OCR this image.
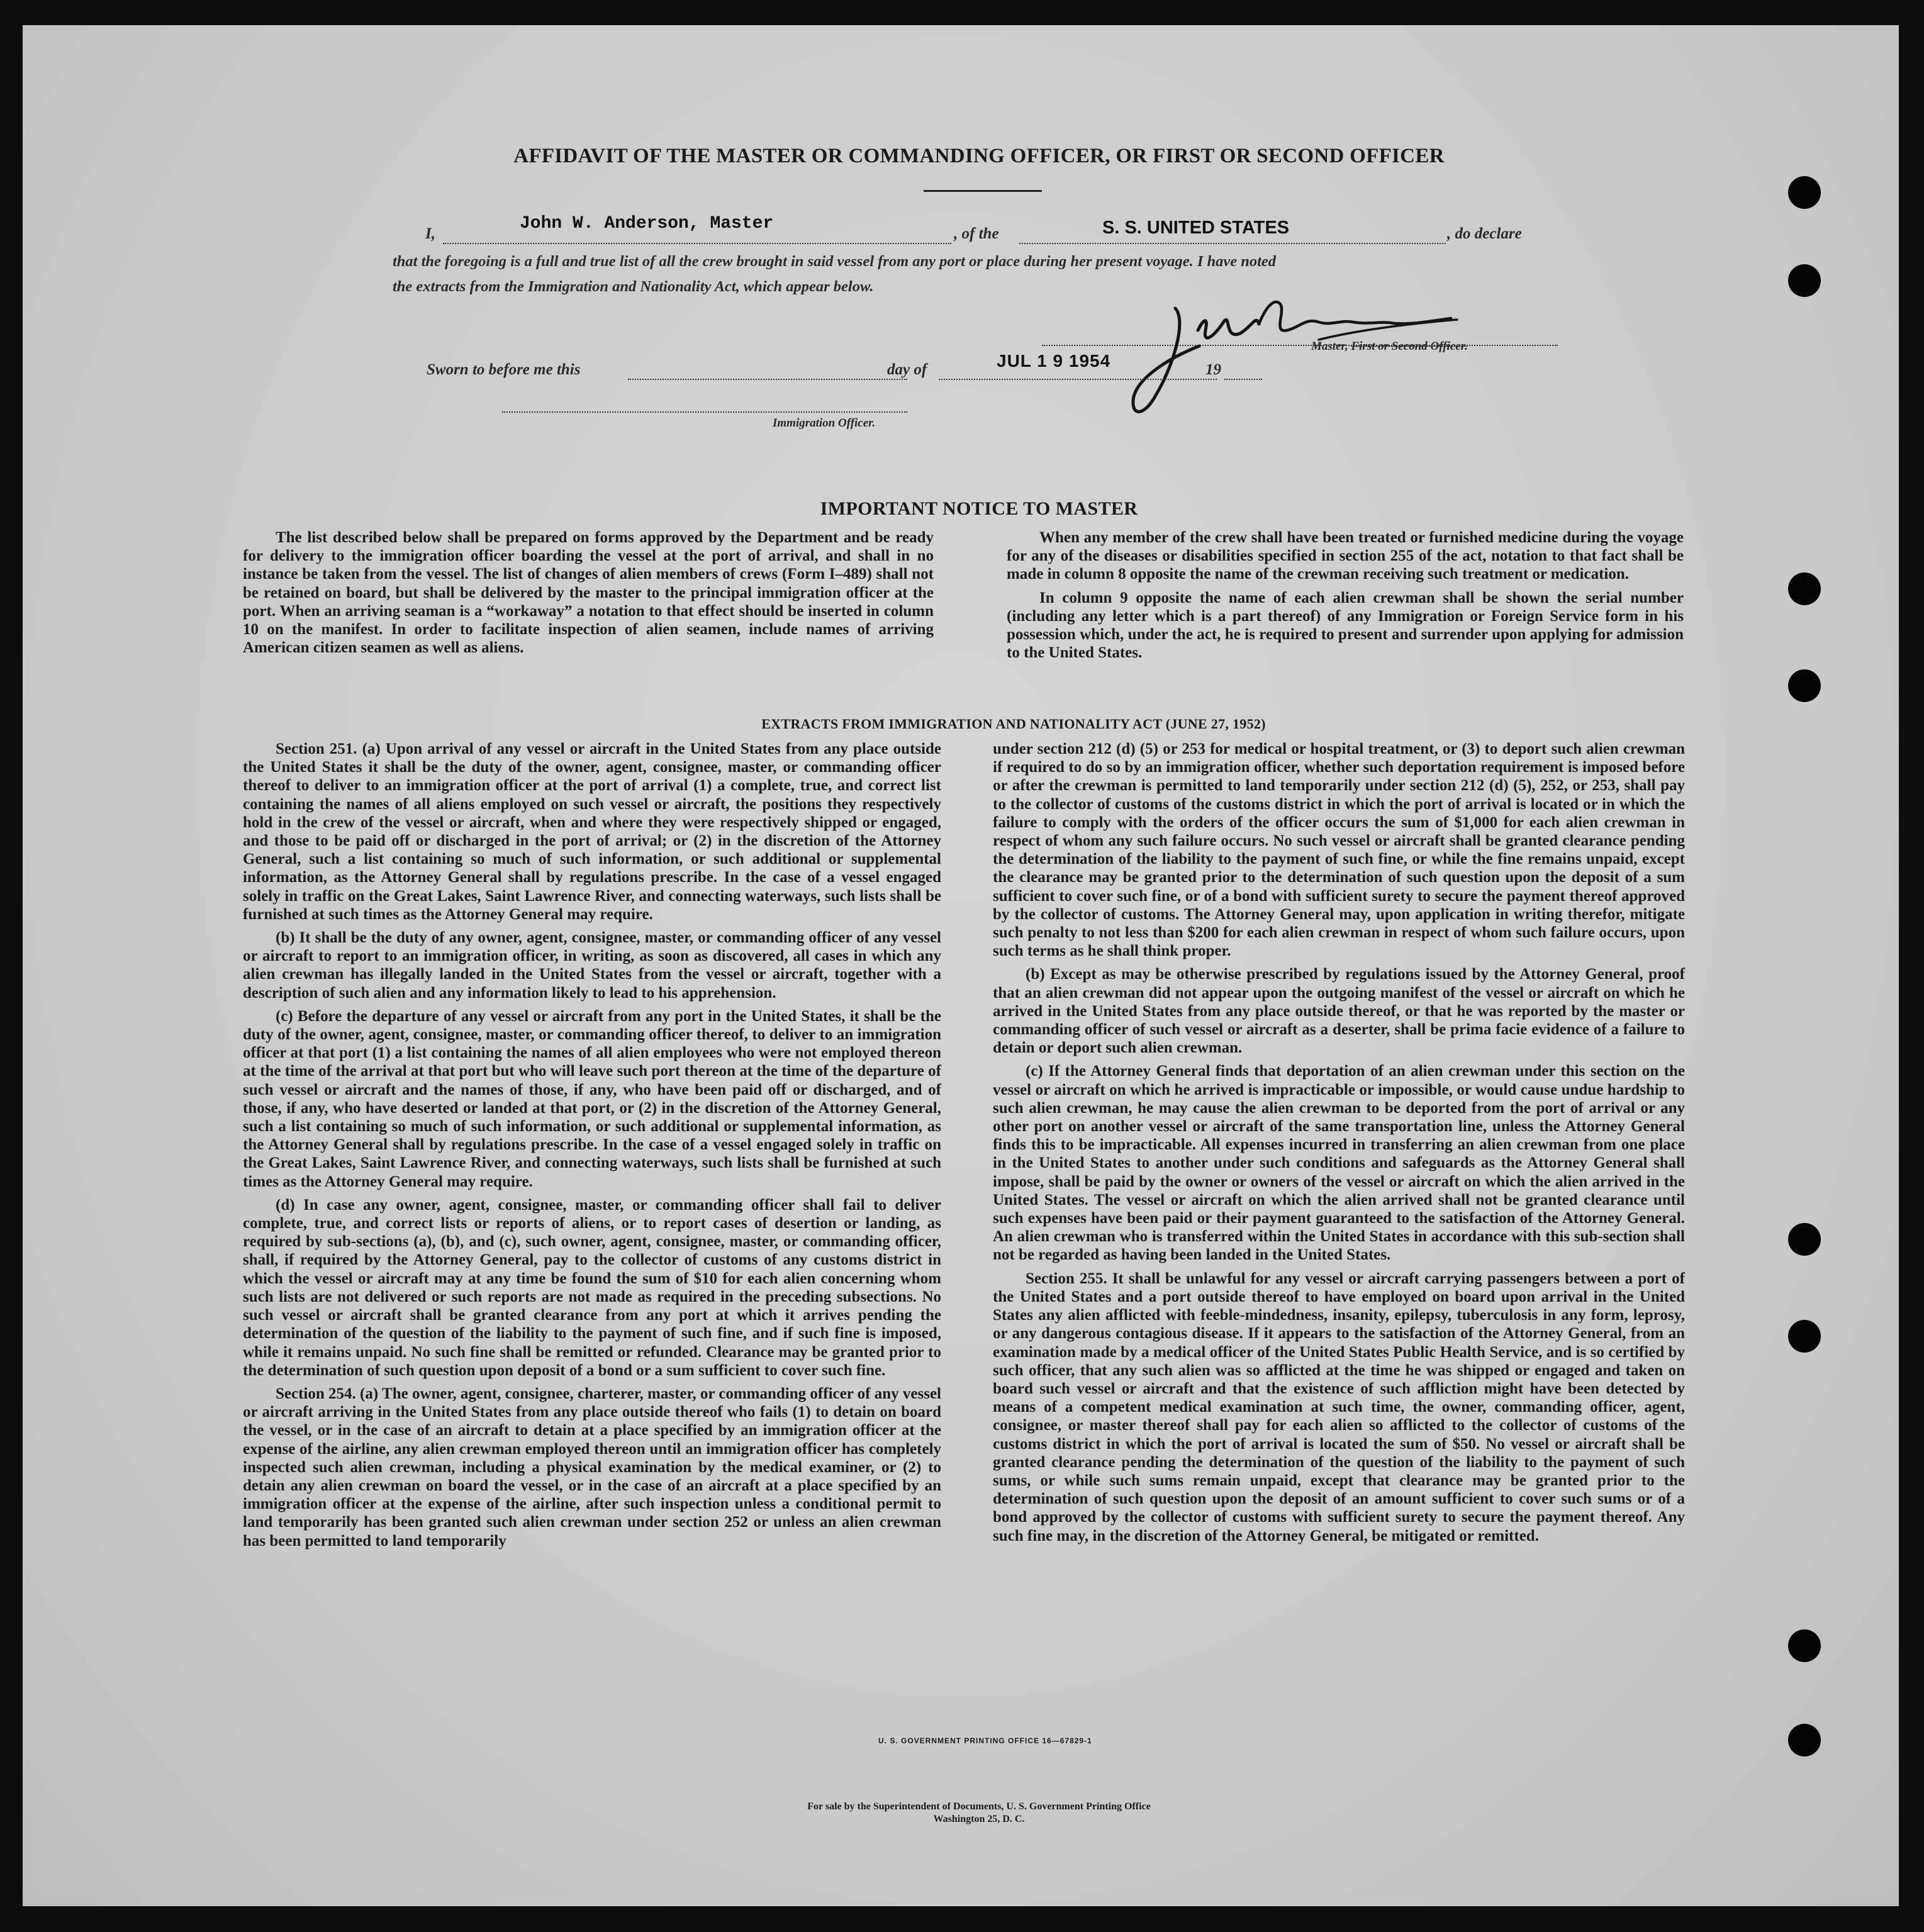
AFFIDAVIT OF THE MASTER OR COMMANDING OFFICER, OR FIRST OR SECOND OFFICER
I,
John W. Anderson, Master
, of the	S. S. UNITED STATES	, do declare
that the foregoing is a full and true list of all the crew brought in said vessel from any port or place during her present voyage. I have noted
the extracts from the Immigration and Nationality Act, which appear below.
Master, First or Second Officer.
Sworn to before me this	day of	JUL 1 9 1954	19
Immigration Officer.
IMPORTANT NOTICE TO MASTER

The list described below shall be prepared on forms approved by the Department and be ready for delivery to the immigration officer boarding the vessel at the port of arrival, and shall in no instance be taken from the vessel. The list of changes of alien members of crews (Form I–489) shall not be retained on board, but shall be delivered by the master to the principal immigration officer at the port. When an arriving seaman is a “workaway” a notation to that effect should be inserted in column 10 on the manifest. In order to facilitate inspection of alien seamen, include names of arriving American citizen seamen as well as aliens.

When any member of the crew shall have been treated or furnished medicine during the voyage for any of the diseases or disabilities specified in section 255 of the act, notation to that fact shall be made in column 8 opposite the name of the crewman receiving such treatment or medication.

In column 9 opposite the name of each alien crewman shall be shown the serial number (including any letter which is a part thereof) of any Immigration or Foreign Service form in his possession which, under the act, he is required to present and surrender upon applying for admission to the United States.

EXTRACTS FROM IMMIGRATION AND NATIONALITY ACT (JUNE 27, 1952)

Section 251. (a) Upon arrival of any vessel or aircraft in the United States from any place outside the United States it shall be the duty of the owner, agent, consignee, master, or commanding officer thereof to deliver to an immigration officer at the port of arrival (1) a complete, true, and correct list containing the names of all aliens employed on such vessel or aircraft, the positions they respectively hold in the crew of the vessel or aircraft, when and where they were respectively shipped or engaged, and those to be paid off or discharged in the port of arrival; or (2) in the discretion of the Attorney General, such a list containing so much of such information, or such additional or supplemental information, as the Attorney General shall by regulations prescribe. In the case of a vessel engaged solely in traffic on the Great Lakes, Saint Lawrence River, and connecting waterways, such lists shall be furnished at such times as the Attorney General may require.

(b) It shall be the duty of any owner, agent, consignee, master, or commanding officer of any vessel or aircraft to report to an immigration officer, in writing, as soon as discovered, all cases in which any alien crewman has illegally landed in the United States from the vessel or aircraft, together with a description of such alien and any information likely to lead to his apprehension.

(c) Before the departure of any vessel or aircraft from any port in the United States, it shall be the duty of the owner, agent, consignee, master, or commanding officer thereof, to deliver to an immigration officer at that port (1) a list containing the names of all alien employees who were not employed thereon at the time of the arrival at that port but who will leave such port thereon at the time of the departure of such vessel or aircraft and the names of those, if any, who have been paid off or discharged, and of those, if any, who have deserted or landed at that port, or (2) in the discretion of the Attorney General, such a list containing so much of such information, or such additional or supplemental information, as the Attorney General shall by regulations prescribe. In the case of a vessel engaged solely in traffic on the Great Lakes, Saint Lawrence River, and connecting waterways, such lists shall be furnished at such times as the Attorney General may require.

(d) In case any owner, agent, consignee, master, or commanding officer shall fail to deliver complete, true, and correct lists or reports of aliens, or to report cases of desertion or landing, as required by sub-sections (a), (b), and (c), such owner, agent, consignee, master, or commanding officer, shall, if required by the Attorney General, pay to the collector of customs of any customs district in which the vessel or aircraft may at any time be found the sum of $10 for each alien concerning whom such lists are not delivered or such reports are not made as required in the preceding subsections. No such vessel or aircraft shall be granted clearance from any port at which it arrives pending the determination of the question of the liability to the payment of such fine, and if such fine is imposed, while it remains unpaid. No such fine shall be remitted or refunded. Clearance may be granted prior to the determination of such question upon deposit of a bond or a sum sufficient to cover such fine.

Section 254. (a) The owner, agent, consignee, charterer, master, or commanding officer of any vessel or aircraft arriving in the United States from any place outside thereof who fails (1) to detain on board the vessel, or in the case of an aircraft to detain at a place specified by an immigration officer at the expense of the airline, any alien crewman employed thereon until an immigration officer has completely inspected such alien crewman, including a physical examination by the medical examiner, or (2) to detain any alien crewman on board the vessel, or in the case of an aircraft at a place specified by an immigration officer at the expense of the airline, after such inspection unless a conditional permit to land temporarily has been granted such alien crewman under section 252 or unless an alien crewman has been permitted to land temporarily

under section 212 (d) (5) or 253 for medical or hospital treatment, or (3) to deport such alien crewman if required to do so by an immigration officer, whether such deportation requirement is imposed before or after the crewman is permitted to land temporarily under section 212 (d) (5), 252, or 253, shall pay to the collector of customs of the customs district in which the port of arrival is located or in which the failure to comply with the orders of the officer occurs the sum of $1,000 for each alien crewman in respect of whom any such failure occurs. No such vessel or aircraft shall be granted clearance pending the determination of the liability to the payment of such fine, or while the fine remains unpaid, except the clearance may be granted prior to the determination of such question upon the deposit of a sum sufficient to cover such fine, or of a bond with sufficient surety to secure the payment thereof approved by the collector of customs. The Attorney General may, upon application in writing therefor, mitigate such penalty to not less than $200 for each alien crewman in respect of whom such failure occurs, upon such terms as he shall think proper.

(b) Except as may be otherwise prescribed by regulations issued by the Attorney General, proof that an alien crewman did not appear upon the outgoing manifest of the vessel or aircraft on which he arrived in the United States from any place outside thereof, or that he was reported by the master or commanding officer of such vessel or aircraft as a deserter, shall be prima facie evidence of a failure to detain or deport such alien crewman.

(c) If the Attorney General finds that deportation of an alien crewman under this section on the vessel or aircraft on which he arrived is impracticable or impossible, or would cause undue hardship to such alien crewman, he may cause the alien crewman to be deported from the port of arrival or any other port on another vessel or aircraft of the same transportation line, unless the Attorney General finds this to be impracticable. All expenses incurred in transferring an alien crewman from one place in the United States to another under such conditions and safeguards as the Attorney General shall impose, shall be paid by the owner or owners of the vessel or aircraft on which the alien arrived in the United States. The vessel or aircraft on which the alien arrived shall not be granted clearance until such expenses have been paid or their payment guaranteed to the satisfaction of the Attorney General. An alien crewman who is transferred within the United States in accordance with this sub-section shall not be regarded as having been landed in the United States.

Section 255. It shall be unlawful for any vessel or aircraft carrying passengers between a port of the United States and a port outside thereof to have employed on board upon arrival in the United States any alien afflicted with feeble-mindedness, insanity, epilepsy, tuberculosis in any form, leprosy, or any dangerous contagious disease. If it appears to the satisfaction of the Attorney General, from an examination made by a medical officer of the United States Public Health Service, and is so certified by such officer, that any such alien was so afflicted at the time he was shipped or engaged and taken on board such vessel or aircraft and that the existence of such affliction might have been detected by means of a competent medical examination at such time, the owner, commanding officer, agent, consignee, or master thereof shall pay for each alien so afflicted to the collector of customs of the customs district in which the port of arrival is located the sum of $50. No vessel or aircraft shall be granted clearance pending the determination of the question of the liability to the payment of such sums, or while such sums remain unpaid, except that clearance may be granted prior to the determination of such question upon the deposit of an amount sufficient to cover such sums or of a bond approved by the collector of customs with sufficient surety to secure the payment thereof. Any such fine may, in the discretion of the Attorney General, be mitigated or remitted.

U. S. GOVERNMENT PRINTING OFFICE 16—67829-1
For sale by the Superintendent of Documents, U. S. Government Printing Office
Washington 25, D. C.
